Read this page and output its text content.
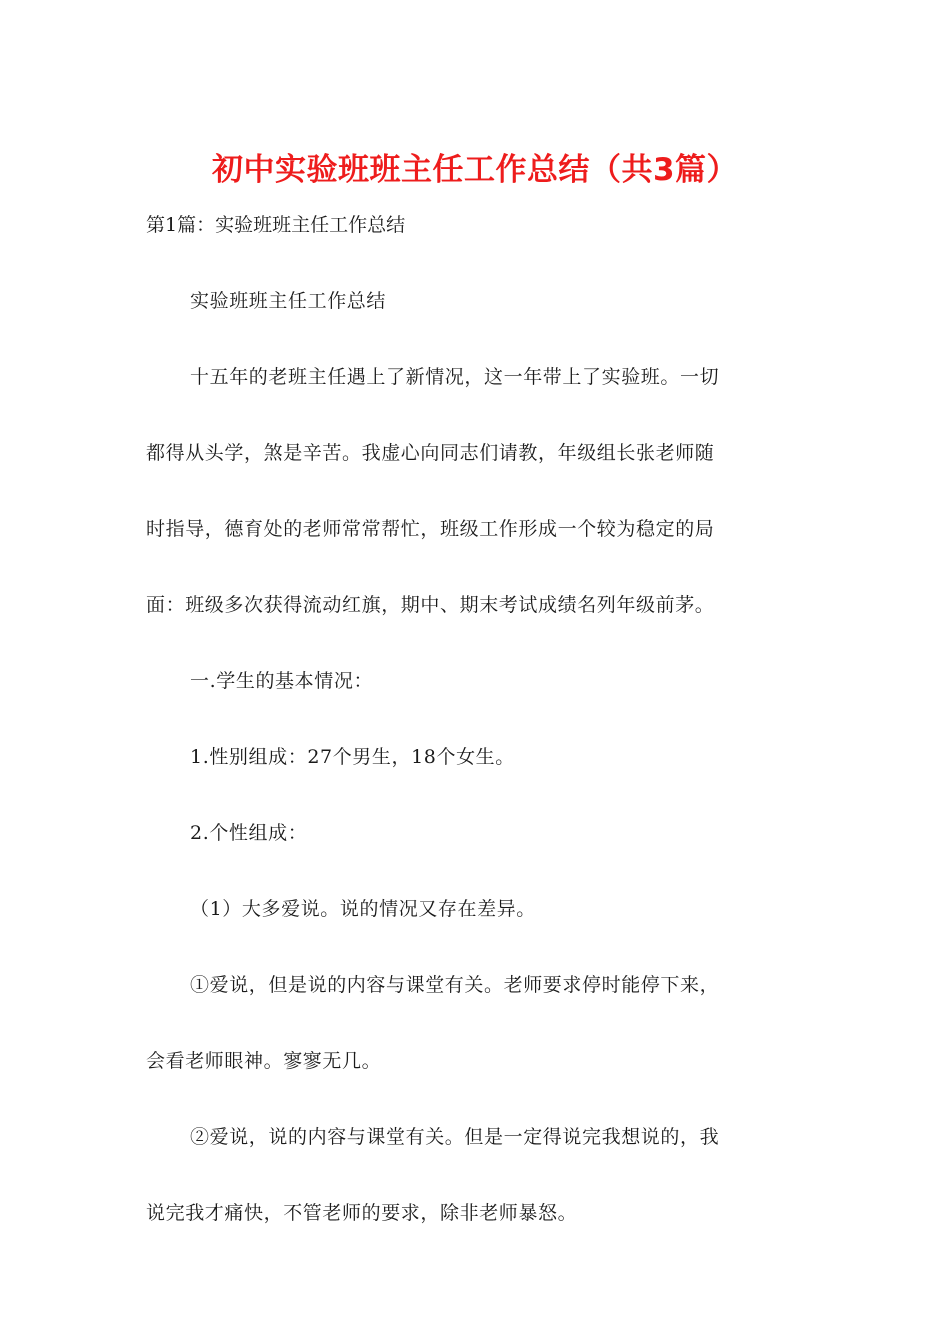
初中实验班班主任工作总结（共3篇）
第1篇：实验班班主任工作总结

实验班班主任工作总结

十五年的老班主任遇上了新情况，这一年带上了实验班。一切
都得从头学，煞是辛苦。我虚心向同志们请教，年级组长张老师随
时指导，德育处的老师常常帮忙，班级工作形成一个较为稳定的局
面：班级多次获得流动红旗，期中、期末考试成绩名列年级前茅。

一.学生的基本情况：

1.性别组成：27个男生，18个女生。

2.个性组成：

（1）大多爱说。说的情况又存在差异。

①爱说，但是说的内容与课堂有关。老师要求停时能停下来，
会看老师眼神。寥寥无几。

②爱说，说的内容与课堂有关。但是一定得说完我想说的，我
说完我才痛快，不管老师的要求，除非老师暴怒。
